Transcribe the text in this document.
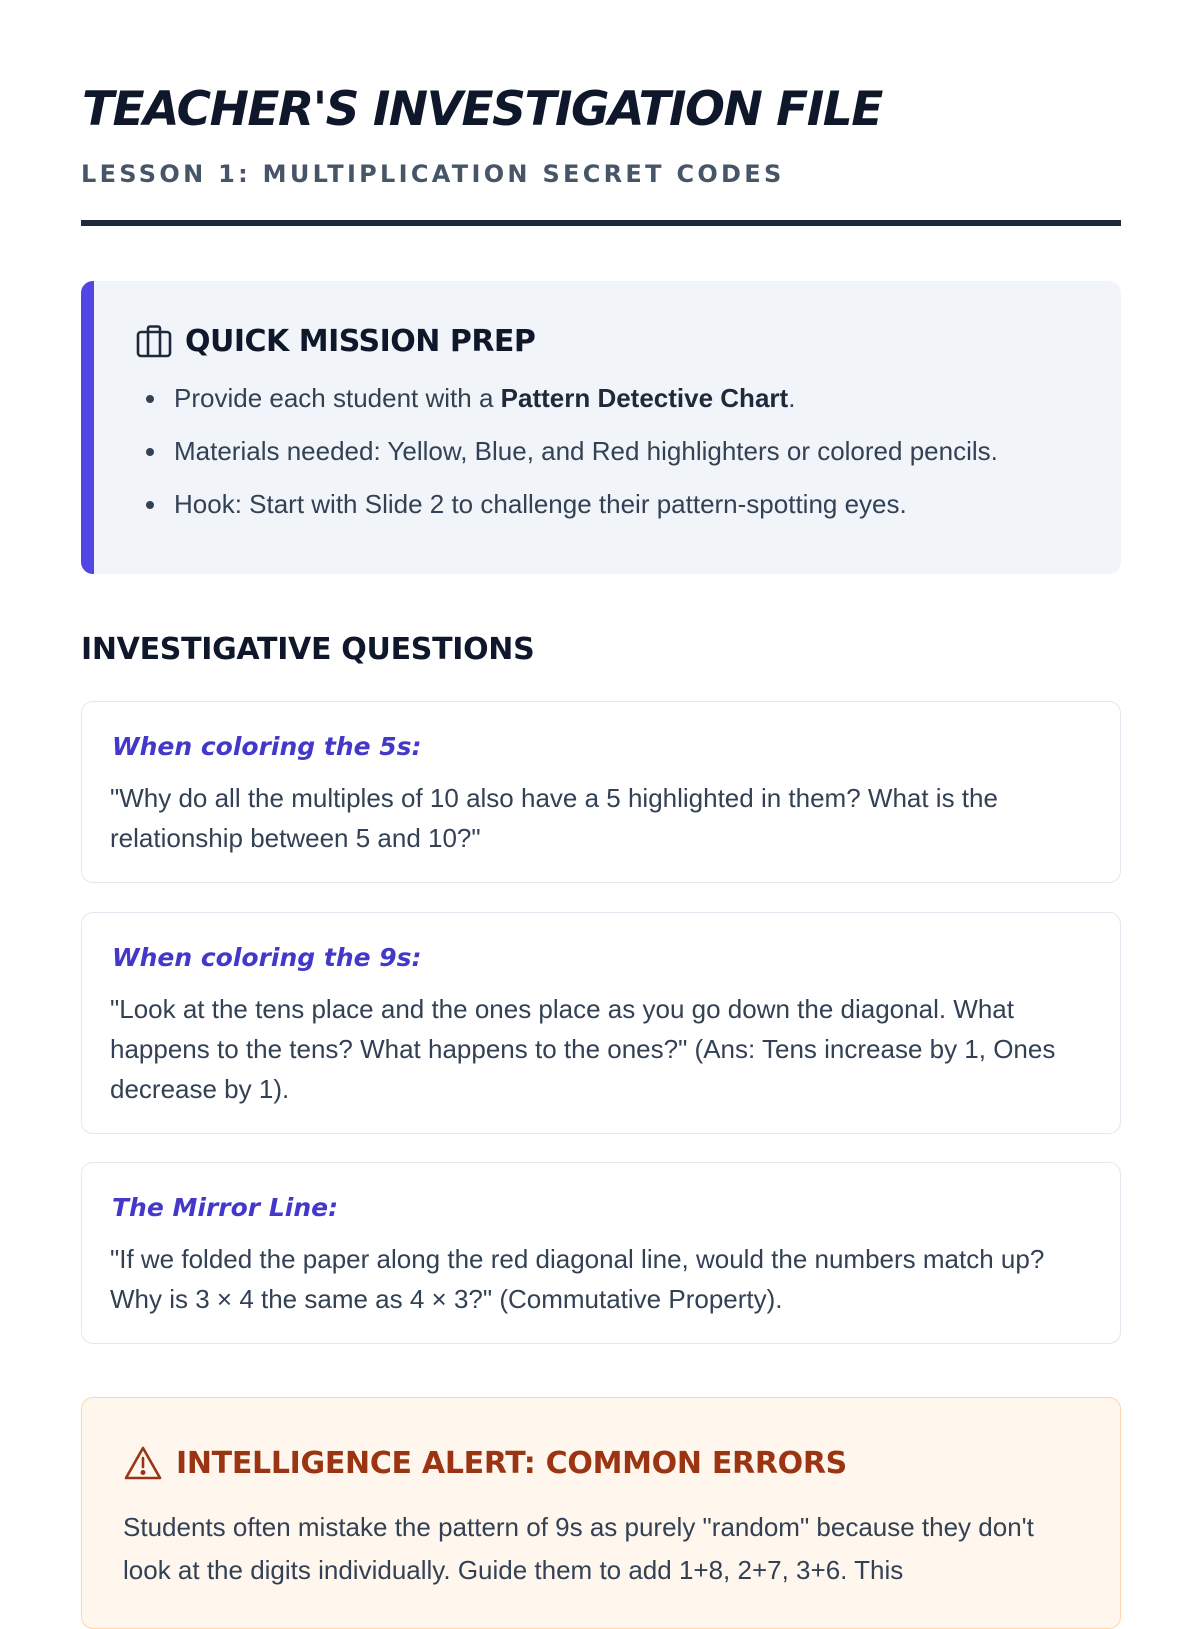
TEACHER'S INVESTIGATION FILE
LESSON 1: MULTIPLICATION SECRET CODES
QUICK MISSION PREP
Provide each student with a Pattern Detective Chart.
Materials needed: Yellow, Blue, and Red highlighters or colored pencils.
Hook: Start with Slide 2 to challenge their pattern-spotting eyes.
INVESTIGATIVE QUESTIONS

When coloring the 5s:

"Why do all the multiples of 10 also have a 5 highlighted in them? What is the relationship between 5 and 10?"

When coloring the 9s:

"Look at the tens place and the ones place as you go down the diagonal. What happens to the tens? What happens to the ones?" (Ans: Tens increase by 1, Ones decrease by 1).

The Mirror Line:

"If we folded the paper along the red diagonal line, would the numbers match up? Why is 3 × 4 the same as 4 × 3?" (Commutative Property).

INTELLIGENCE ALERT: COMMON ERRORS

Students often mistake the pattern of 9s as purely "random" because they don't look at the digits individually. Guide them to add 1+8, 2+7, 3+6. This
